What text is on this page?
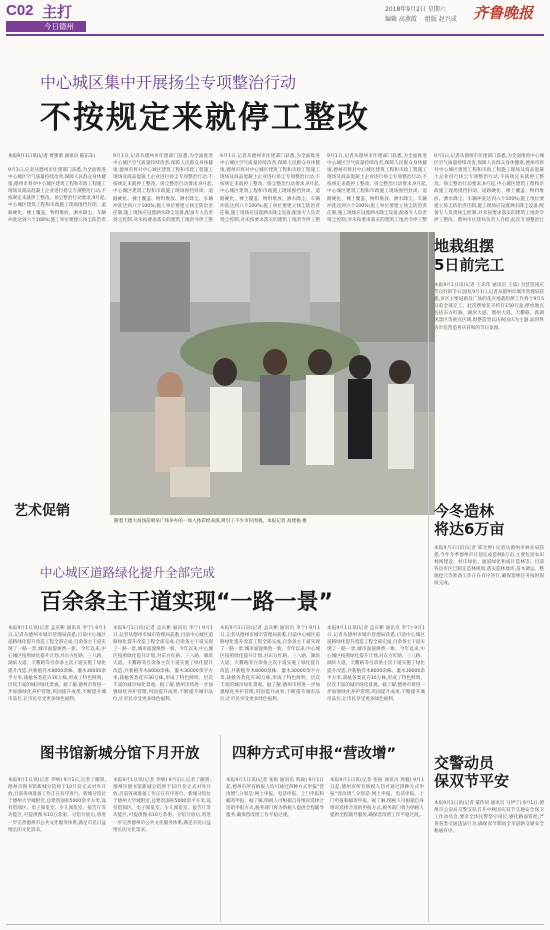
C02 主打
今日德州
2018年9月2日 星期六
编辑 高燕霞 　组版 赵兴成 齐鲁晚报
中心城区集中开展扬尘专项整治行动
不按规定来就停工整改
本报9月1日讯(记者 贾蕾蕾 通讯员 陆东东)
9月1日,记者从德州市住建部门获悉,为全面推进中心城区空气质量持续改善,保障人民群众身体健康,德州市将对中心城区建筑工程和市政工程施工现场及商品混凝土企业进行扬尘专项整治行动,不按规定来就停工整改。扬尘整治行动要求,9月起,中心城区建筑工程和市政施工现场围挡封闭、道路硬化、裸土覆盖、物料堆放、洒水降尘、车辆冲洗达到六个100%;施工单位要建立扬尘防治责
9月1日,记者从德州市住建部门获悉,为全面推进中心城区空气质量持续改善,保障人民群众身体健康,德州市将对中心城区建筑工程和市政工程施工现场及商品混凝土企业进行扬尘专项整治行动,不按规定来就停工整改。扬尘整治行动要求,9月起,中心城区建筑工程和市政施工现场围挡封闭、道路硬化、裸土覆盖、物料堆放、洒水降尘、车辆冲洗达到六个100%;施工单位要建立扬尘防治责任制,施工现场应设置洒水降尘设备,配备专人负责扬尘控制,对未按要求落实的建筑工地责令停工整
9月1日,记者从德州市住建部门获悉,为全面推进中心城区空气质量持续改善,保障人民群众身体健康,德州市将对中心城区建筑工程和市政工程施工现场及商品混凝土企业进行扬尘专项整治行动,不按规定来就停工整改。扬尘整治行动要求,9月起,中心城区建筑工程和市政施工现场围挡封闭、道路硬化、裸土覆盖、物料堆放、洒水降尘、车辆冲洗达到六个100%;施工单位要建立扬尘防治责任制,施工现场应设置洒水降尘设备,配备专人负责扬尘控制,对未按要求落实的建筑工地责令停工整
9月1日,记者从德州市住建部门获悉,为全面推进中心城区空气质量持续改善,保障人民群众身体健康,德州市将对中心城区建筑工程和市政工程施工现场及商品混凝土企业进行扬尘专项整治行动,不按规定来就停工整改。扬尘整治行动要求,9月起,中心城区建筑工程和市政施工现场围挡封闭、道路硬化、裸土覆盖、物料堆放、洒水降尘、车辆冲洗达到六个100%;施工单位要建立扬尘防治责任制,施工现场应设置洒水降尘设备,配备专人负责扬尘控制,对未按要求落实的建筑工地责令停工整
9月1日,记者从德州市住建部门获悉,为全面推进中心城区空气质量持续改善,保障人民群众身体健康,德州市将对中心城区建筑工程和市政工程施工现场及商品混凝土企业进行扬尘专项整治行动,不按规定来就停工整改。扬尘整治行动要求,9月起,中心城区建筑工程和市政施工现场围挡封闭、道路硬化、裸土覆盖、物料堆放、洒水降尘、车辆冲洗达到六个100%;施工单位要建立扬尘防治责任制,施工现场应设置洒水降尘设备,配备专人负责扬尘控制,对未按要求落实的建筑工地责令停工整改。德州市住建局负责人介绍,此次专项整治行
艺术促销
随着天德大商场前喷泉广场举办的一场人体彩绘表演,吸引了不少市民围观。本报记者 高建福 摄
地栽组摆
5日前完工
本报9月1日讯(记者 王乐伟 通讯员 王茹) 为营造国庆节良好的节日氛围,9月1日,记者从德州市城市管理局获悉,市区主要道路及广场的花卉地栽组摆工作将于9月5日前全部完工。此次摆放花卉约有150万盆,摆放地点包括东方红路、湖滨大道、德州大道、天衢路、新湖风景区等重点区域,组摆造型以庆祝国庆为主题,届时将为市民营造喜庆祥和的节日氛围。
今冬造林
将达6万亩
本报9月1日讯(记者 邢光婷) 记者从德州市林业局获悉,今年冬季德州市计划完成造林6万亩,主要包括农田林网建设、村庄绿化、通道绿化和成片造林等。目前各县市区已制定造林规划,落实造林地块,苗木调运、整地挖穴等准备工作正在有序进行,确保造林任务按时保质完成。
交警动员
保双节平安
本报9月1日讯(记者 董传同 通讯员 马伊宁) 9月1日,德州市公安局交警支队召开中秋国庆双节交通安全保卫工作动员会,要求全体民警坚守岗位,强化路面管控,严查各类交通违法行为,确保双节期间全市道路交通安全畅通有序。
中心城区道路绿化提升全部完成
百余条主干道实现“一路一景”
本报9月1日讯(记者 孟庆彬 通讯员 李宁) 9月1日,记者从德州市城市管理局获悉,目前中心城区道路绿化提升改造工程全部完成,百余条主干道实现了一路一景,城市面貌焕然一新。今年以来,中心城区按照绿化提升计划,对东方红路、三八路、湖滨大道、天衢路等百余条主次干道实施了绿化提升改造,共新植乔木8000余株、灌木30000余平方米,栽植各类花卉30万株,形成了特色鲜明、层次丰富的城市绿化景观。据了解,德州市将进一步加强绿化养护管理,巩固提升成果,不断提升城市品位,让市民享受更多绿色福利。
本报9月1日讯(记者 孟庆彬 通讯员 李宁) 9月1日,记者从德州市城市管理局获悉,目前中心城区道路绿化提升改造工程全部完成,百余条主干道实现了一路一景,城市面貌焕然一新。今年以来,中心城区按照绿化提升计划,对东方红路、三八路、湖滨大道、天衢路等百余条主次干道实施了绿化提升改造,共新植乔木8000余株、灌木30000余平方米,栽植各类花卉30万株,形成了特色鲜明、层次丰富的城市绿化景观。据了解,德州市将进一步加强绿化养护管理,巩固提升成果,不断提升城市品位,让市民享受更多绿色福利。
本报9月1日讯(记者 孟庆彬 通讯员 李宁) 9月1日,记者从德州市城市管理局获悉,目前中心城区道路绿化提升改造工程全部完成,百余条主干道实现了一路一景,城市面貌焕然一新。今年以来,中心城区按照绿化提升计划,对东方红路、三八路、湖滨大道、天衢路等百余条主次干道实施了绿化提升改造,共新植乔木8000余株、灌木30000余平方米,栽植各类花卉30万株,形成了特色鲜明、层次丰富的城市绿化景观。据了解,德州市将进一步加强绿化养护管理,巩固提升成果,不断提升城市品位,让市民享受更多绿色福利。
本报9月1日讯(记者 孟庆彬 通讯员 李宁) 9月1日,记者从德州市城市管理局获悉,目前中心城区道路绿化提升改造工程全部完成,百余条主干道实现了一路一景,城市面貌焕然一新。今年以来,中心城区按照绿化提升计划,对东方红路、三八路、湖滨大道、天衢路等百余条主次干道实施了绿化提升改造,共新植乔木8000余株、灌木30000余平方米,栽植各类花卉30万株,形成了特色鲜明、层次丰富的城市绿化景观。据了解,德州市将进一步加强绿化养护管理,巩固提升成果,不断提升城市品位,让市民享受更多绿色福利。
图书馆新城分馆下月开放
本报9月1日讯(记者 李响) 9月1日,记者了解到,德州市图书馆新城分馆将于10月份正式对外开放,目前各项准备工作正在有序进行。新城分馆位于德州大学城附近,总建筑面积5000余平方米,设有借阅区、电子阅览室、少儿阅览室、报告厅等功能区,可提供图书10万余册。分馆开放后,将进一步完善德州市公共文化服务体系,满足市民日益增长的文化需求。
本报9月1日讯(记者 李响) 9月1日,记者了解到,德州市图书馆新城分馆将于10月份正式对外开放,目前各项准备工作正在有序进行。新城分馆位于德州大学城附近,总建筑面积5000余平方米,设有借阅区、电子阅览室、少儿阅览室、报告厅等功能区,可提供图书10万余册。分馆开放后,将进一步完善德州市公共文化服务体系,满足市民日益增长的文化需求。
四种方式可申报“营改增”
本报9月1日讯(记者 张振 通讯员 周毅) 9月1日起,德州市所有纳税人均可通过四种方式申报“营改增”,分别是:网上申报、电话申报、上门申报和邮寄申报。据了解,纳税人可根据自身情况选择合适的申报方式,税务部门将为纳税人提供全程辅导服务,确保营改增工作平稳过渡。
本报9月1日讯(记者 张振 通讯员 周毅) 9月1日起,德州市所有纳税人均可通过四种方式申报“营改增”,分别是:网上申报、电话申报、上门申报和邮寄申报。据了解,纳税人可根据自身情况选择合适的申报方式,税务部门将为纳税人提供全程辅导服务,确保营改增工作平稳过渡。
